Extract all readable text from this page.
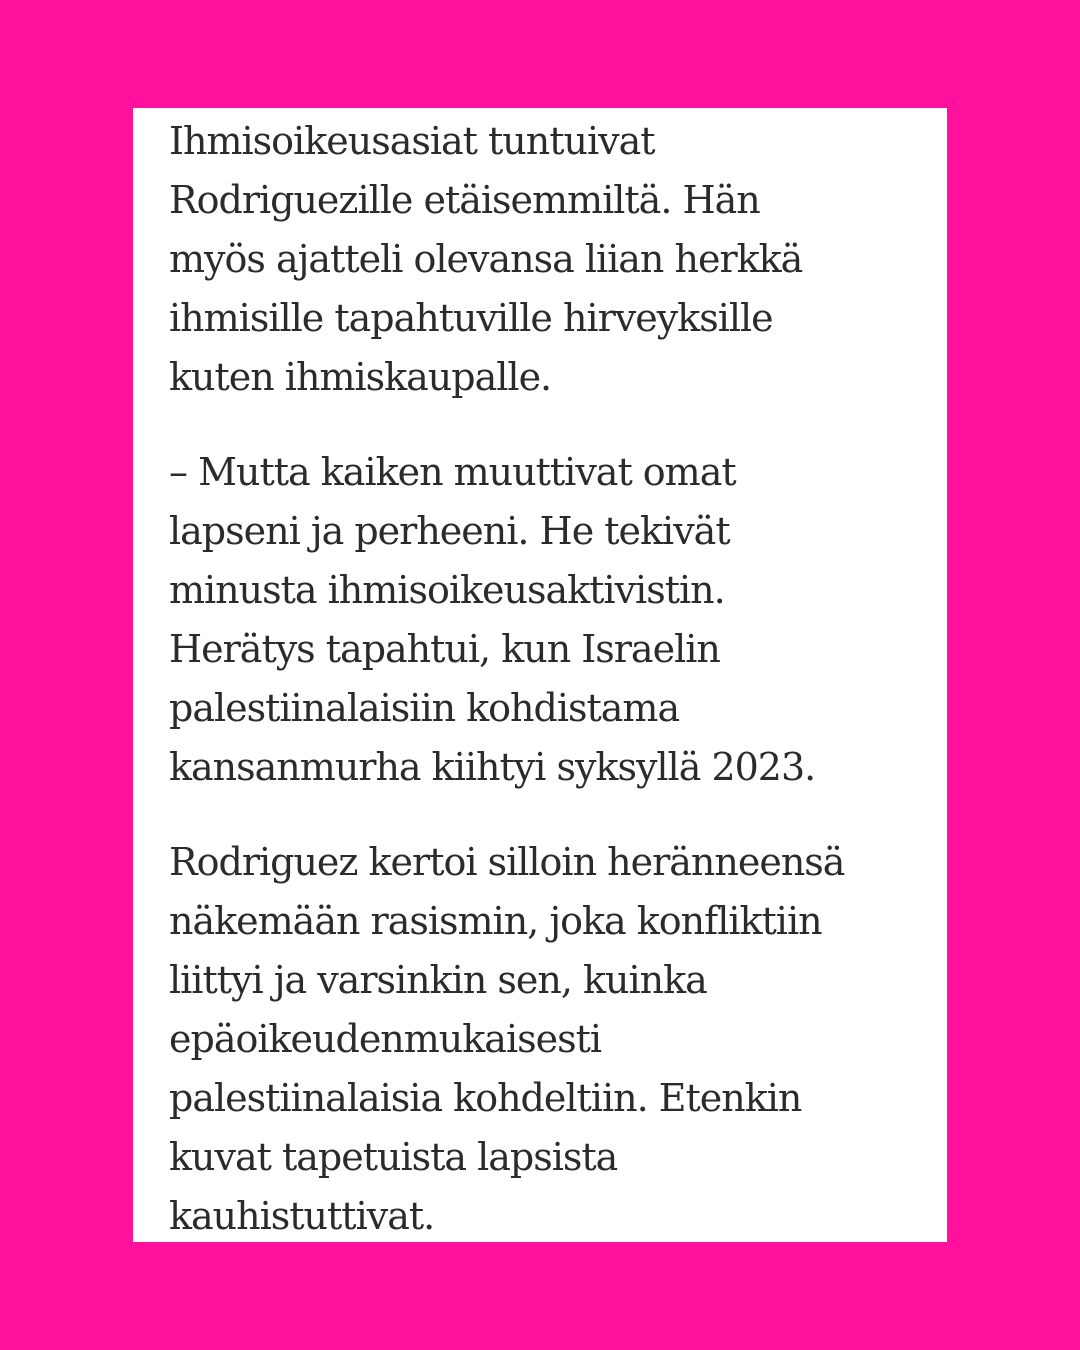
Ihmisoikeusasiat tuntuivat
Rodriguezille etäisemmiltä. Hän
myös ajatteli olevansa liian herkkä
ihmisille tapahtuville hirveyksille
kuten ihmiskaupalle.

– Mutta kaiken muuttivat omat
lapseni ja perheeni. He tekivät
minusta ihmisoikeusaktivistin.
Herätys tapahtui, kun Israelin
palestiinalaisiin kohdistama
kansanmurha kiihtyi syksyllä 2023.

Rodriguez kertoi silloin heränneensä
näkemään rasismin, joka konfliktiin
liittyi ja varsinkin sen, kuinka
epäoikeudenmukaisesti
palestiinalaisia kohdeltiin. Etenkin
kuvat tapetuista lapsista
kauhistuttivat.
